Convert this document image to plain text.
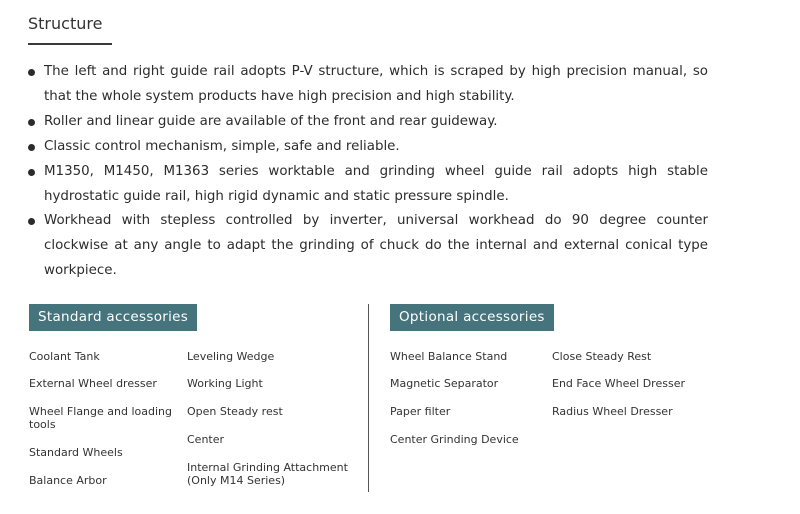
Structure
The left and right guide rail adopts P-V structure, which is scraped by high precision manual, so that the whole system products have high precision and high stability.
Roller and linear guide are available of the front and rear guideway.
Classic control mechanism, simple, safe and reliable.
M1350, M1450, M1363 series worktable and grinding wheel guide rail adopts high stable hydrostatic guide rail, high rigid dynamic and static pressure spindle.
Workhead with stepless controlled by inverter, universal workhead do 90 degree counter clockwise at any angle to adapt the grinding of chuck do the internal and external conical type workpiece.
Standard accessories
Coolant Tank
External Wheel dresser
Wheel Flange and loading tools
Standard Wheels
Balance Arbor
Leveling Wedge
Working Light
Open Steady rest
Center
Internal Grinding Attachment (Only M14 Series)
Optional accessories
Wheel Balance Stand
Magnetic Separator
Paper filter
Center Grinding Device
Close Steady Rest
End Face Wheel Dresser
Radius Wheel Dresser
